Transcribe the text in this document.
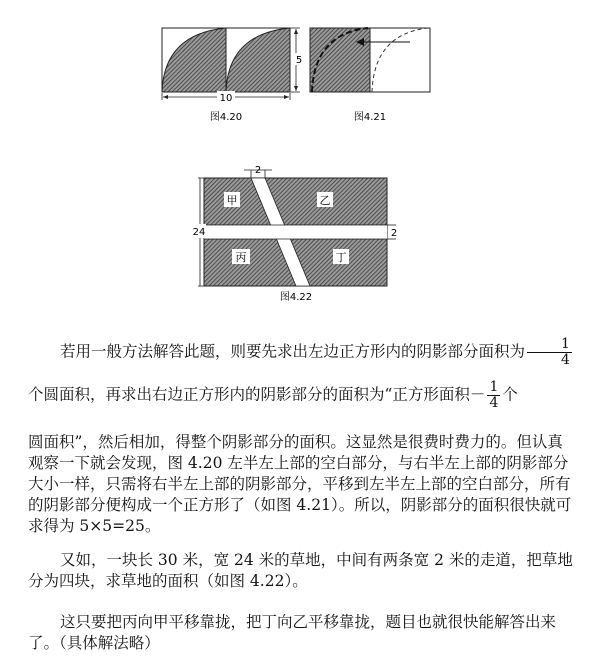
10
5
图4.20	图4.21
2
甲	乙
丙	丁
24	2
图4.22
若用一般方法解答此题，则要先求出左边正方形内的阴影部分面积为 $\frac{1}{4}$
个圆面积，再求出右边正方形内的阴影部分的面积为“正方形面积－ $\frac{1}{4}$ 个

圆面积”，然后相加，得整个阴影部分的面积。这显然是很费时费力的。但认真观察一下就会发现，图 4.20 左半左上部的空白部分，与右半左上部的阴影部分大小一样，只需将右半左上部的阴影部分，平移到左半左上部的空白部分，所有的阴影部分便构成一个正方形了（如图 4.21）。所以，阴影部分的面积很快就可求得为 5×5=25。

又如，一块长 30 米，宽 24 米的草地，中间有两条宽 2 米的走道，把草地分为四块，求草地的面积（如图 4.22）。

这只要把丙向甲平移靠拢，把丁向乙平移靠拢，题目也就很快能解答出来了。（具体解法略）
